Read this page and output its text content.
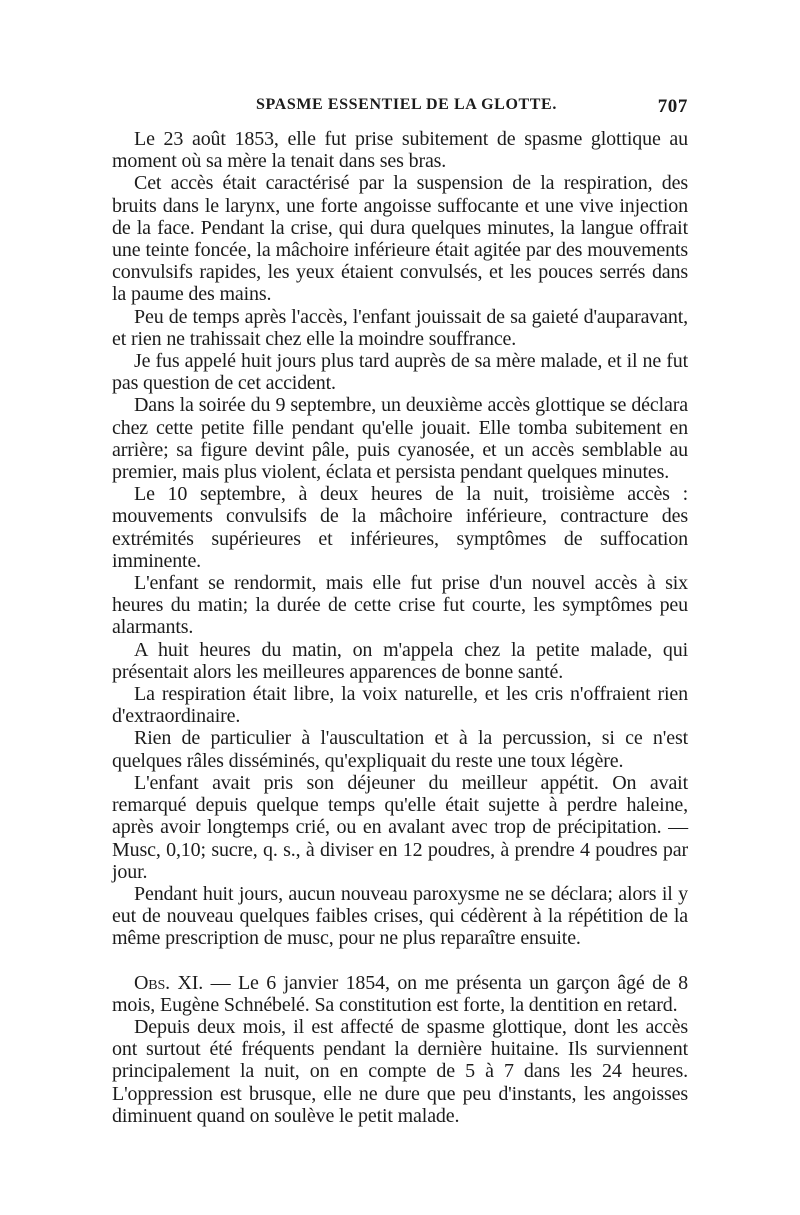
SPASME ESSENTIEL DE LA GLOTTE.	707

Le 23 août 1853, elle fut prise subitement de spasme glottique au moment où sa mère la tenait dans ses bras.

Cet accès était caractérisé par la suspension de la respiration, des bruits dans le larynx, une forte angoisse suffocante et une vive injection de la face. Pendant la crise, qui dura quelques minutes, la langue offrait une teinte foncée, la mâchoire inférieure était agitée par des mouvements convulsifs rapides, les yeux étaient convulsés, et les pouces serrés dans la paume des mains.

Peu de temps après l'accès, l'enfant jouissait de sa gaieté d'auparavant, et rien ne trahissait chez elle la moindre souffrance.

Je fus appelé huit jours plus tard auprès de sa mère malade, et il ne fut pas question de cet accident.

Dans la soirée du 9 septembre, un deuxième accès glottique se déclara chez cette petite fille pendant qu'elle jouait. Elle tomba subitement en arrière; sa figure devint pâle, puis cyanosée, et un accès semblable au premier, mais plus violent, éclata et persista pendant quelques minutes.

Le 10 septembre, à deux heures de la nuit, troisième accès : mouvements convulsifs de la mâchoire inférieure, contracture des extrémités supérieures et inférieures, symptômes de suffocation imminente.

L'enfant se rendormit, mais elle fut prise d'un nouvel accès à six heures du matin; la durée de cette crise fut courte, les symptômes peu alarmants.

A huit heures du matin, on m'appela chez la petite malade, qui présentait alors les meilleures apparences de bonne santé.

La respiration était libre, la voix naturelle, et les cris n'offraient rien d'extraordinaire.

Rien de particulier à l'auscultation et à la percussion, si ce n'est quelques râles disséminés, qu'expliquait du reste une toux légère.

L'enfant avait pris son déjeuner du meilleur appétit. On avait remarqué depuis quelque temps qu'elle était sujette à perdre haleine, après avoir longtemps crié, ou en avalant avec trop de précipitation. — Musc, 0,10; sucre, q. s., à diviser en 12 poudres, à prendre 4 poudres par jour.

Pendant huit jours, aucun nouveau paroxysme ne se déclara; alors il y eut de nouveau quelques faibles crises, qui cédèrent à la répétition de la même prescription de musc, pour ne plus reparaître ensuite.

Obs. XI. — Le 6 janvier 1854, on me présenta un garçon âgé de 8 mois, Eugène Schnébelé. Sa constitution est forte, la dentition en retard.

Depuis deux mois, il est affecté de spasme glottique, dont les accès ont surtout été fréquents pendant la dernière huitaine. Ils surviennent principalement la nuit, on en compte de 5 à 7 dans les 24 heures. L'oppression est brusque, elle ne dure que peu d'instants, les angoisses diminuent quand on soulève le petit malade.
